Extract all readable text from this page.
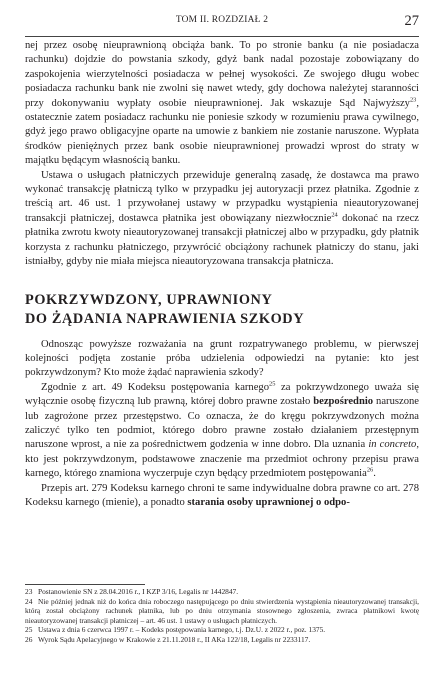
TOM II. ROZDZIAŁ 2	27

nej przez osobę nieuprawnioną obciąża bank. To po stronie banku (a nie posiadacza rachunku) dojdzie do powstania szkody, gdyż bank nadal pozostaje zobowiązany do zaspokojenia wierzytelności posiadacza w pełnej wysokości. Ze swojego długu wobec posiadacza rachunku bank nie zwolni się nawet wtedy, gdy dochowa należytej staranności przy dokonywaniu wypłaty osobie nieuprawnionej. Jak wskazuje Sąd Najwyższy$^{23}$, ostatecznie zatem posiadacz rachunku nie poniesie szkody w rozumieniu prawa cywilnego, gdyż jego prawo obligacyjne oparte na umowie z bankiem nie zostanie naruszone. Wypłata środków pieniężnych przez bank osobie nieuprawnionej prowadzi wprost do straty w majątku będącym własnością banku.

Ustawa o usługach płatniczych przewiduje generalną zasadę, że dostawca ma prawo wykonać transakcję płatniczą tylko w przypadku jej autoryzacji przez płatnika. Zgodnie z treścią art. 46 ust. 1 przywołanej ustawy w przypadku wystąpienia nieautoryzowanej transakcji płatniczej, dostawca płatnika jest obowiązany niezwłocznie$^{24}$ dokonać na rzecz płatnika zwrotu kwoty nieautoryzowanej transakcji płatniczej albo w przypadku, gdy płatnik korzysta z rachunku płatniczego, przywrócić obciążony rachunek płatniczy do stanu, jaki istniałby, gdyby nie miała miejsca nieautoryzowana transakcja płatnicza.

POKRZYWDZONY, UPRAWNIONY
DO ŻĄDANIA NAPRAWIENIA SZKODY

Odnosząc powyższe rozważania na grunt rozpatrywanego problemu, w pierwszej kolejności podjęta zostanie próba udzielenia odpowiedzi na pytanie: kto jest pokrzywdzonym? Kto może żądać naprawienia szkody?

Zgodnie z art. 49 Kodeksu postępowania karnego$^{25}$ za pokrzywdzonego uważa się wyłącznie osobę fizyczną lub prawną, której dobro prawne zostało bezpośrednio naruszone lub zagrożone przez przestępstwo. Co oznacza, że do kręgu pokrzywdzonych można zaliczyć tylko ten podmiot, którego dobro prawne zostało działaniem przestępnym naruszone wprost, a nie za pośrednictwem godzenia w inne dobro. Dla uznania in concreto, kto jest pokrzywdzonym, podstawowe znaczenie ma przedmiot ochrony przepisu prawa karnego, którego znamiona wyczerpuje czyn będący przedmiotem postępowania$^{26}$.

Przepis art. 279 Kodeksu karnego chroni te same indywidualne dobra prawne co art. 278 Kodeksu karnego (mienie), a ponadto starania osoby uprawnionej o odpo-

23 Postanowienie SN z 28.04.2016 r., I KZP 3/16, Legalis nr 1442847.

24 Nie później jednak niż do końca dnia roboczego następującego po dniu stwierdzenia wystąpienia nieautoryzowanej transakcji, którą został obciążony rachunek płatnika, lub po dniu otrzymania stosownego zgłoszenia, zwraca płatnikowi kwotę nieautoryzowanej transakcji płatniczej – art. 46 ust. 1 ustawy o usługach płatniczych.

25 Ustawa z dnia 6 czerwca 1997 r. – Kodeks postępowania karnego, t.j. Dz.U. z 2022 r., poz. 1375.

26 Wyrok Sądu Apelacyjnego w Krakowie z 21.11.2018 r., II AKa 122/18, Legalis nr 2233117.
